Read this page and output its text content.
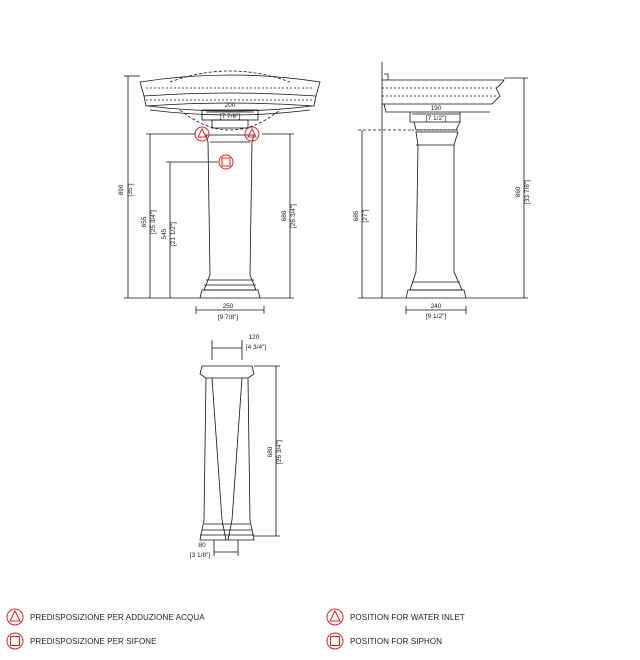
200
[7 7/8"]
890 [35"]
655 [25 3/4"] 545 [21 1/2"]
680 [26 3/4"]
250
[9 7/8"]
190
[7 1/2"]
685 [27"]
860 [33 7/8"]
240
[9 1/2"]
120
[4 3/4"]
680 [26 3/4"]
80
[3 1/8"]
PREDISPOSIZIONE PER ADDUZIONE ACQUA
PREDISPOSIZIONE PER SIFONE
POSITION FOR WATER INLET
POSITION FOR SIPHON
